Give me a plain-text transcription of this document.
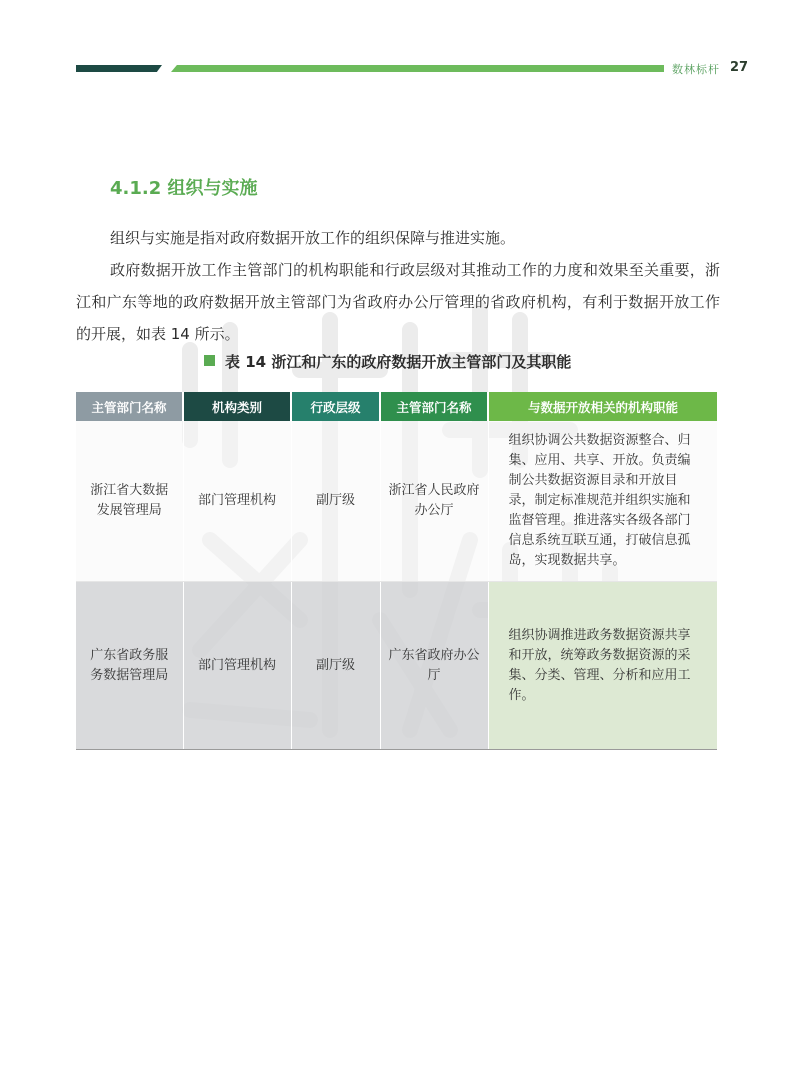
数林标杆 27
4.1.2 组织与实施
组织与实施是指对政府数据开放工作的组织保障与推进实施。
政府数据开放工作主管部门的机构职能和行政层级对其推动工作的力度和效果至关重要，浙江和广东等地的政府数据开放主管部门为省政府办公厅管理的省政府机构，有利于数据开放工作的开展，如表 14 所示。
表 14 浙江和广东的政府数据开放主管部门及其职能
主管部门名称	机构类别	行政层级	主管部门名称	与数据开放相关的机构职能
浙江省大数据发展管理局	部门管理机构	副厅级	浙江省人民政府办公厅	组织协调公共数据资源整合、归集、应用、共享、开放。负责编制公共数据资源目录和开放目录，制定标准规范并组织实施和监督管理。推进落实各级各部门信息系统互联互通，打破信息孤岛，实现数据共享。
广东省政务服务数据管理局	部门管理机构	副厅级	广东省政府办公厅	组织协调推进政务数据资源共享和开放，统筹政务数据资源的采集、分类、管理、分析和应用工作。
